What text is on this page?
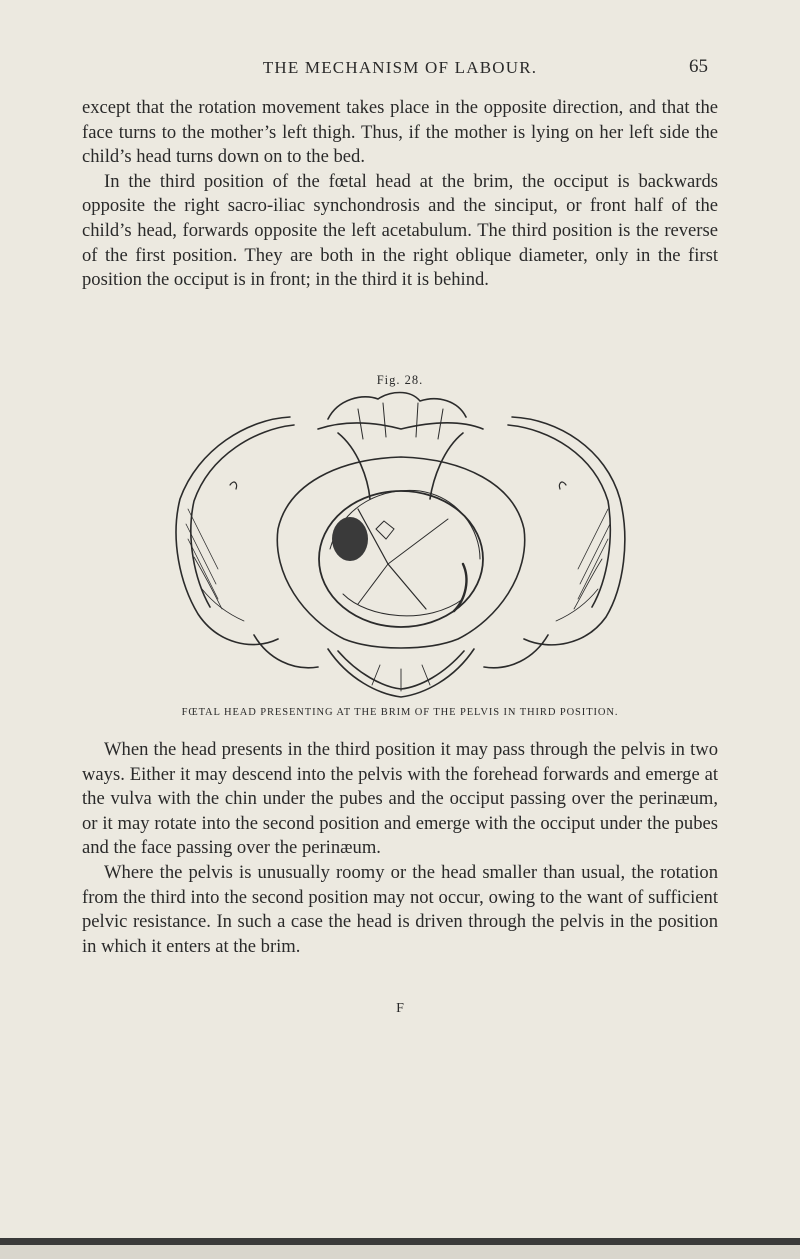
THE MECHANISM OF LABOUR.	65

except that the rotation movement takes place in the opposite direction, and that the face turns to the mother’s left thigh. Thus, if the mother is lying on her left side the child’s head turns down on to the bed.

In the third position of the fœtal head at the brim, the occiput is backwards opposite the right sacro-iliac synchondrosis and the sinciput, or front half of the child’s head, forwards opposite the left acetabulum. The third position is the reverse of the first position. They are both in the right oblique diameter, only in the first position the occiput is in front; in the third it is behind.

Fig. 28.
FŒTAL HEAD PRESENTING AT THE BRIM OF THE PELVIS IN THIRD POSITION.

When the head presents in the third position it may pass through the pelvis in two ways. Either it may descend into the pelvis with the forehead forwards and emerge at the vulva with the chin under the pubes and the occiput passing over the perinæum, or it may rotate into the second position and emerge with the occiput under the pubes and the face passing over the perinæum.

Where the pelvis is unusually roomy or the head smaller than usual, the rotation from the third into the second position may not occur, owing to the want of sufficient pelvic resistance. In such a case the head is driven through the pelvis in the position in which it enters at the brim.

F
